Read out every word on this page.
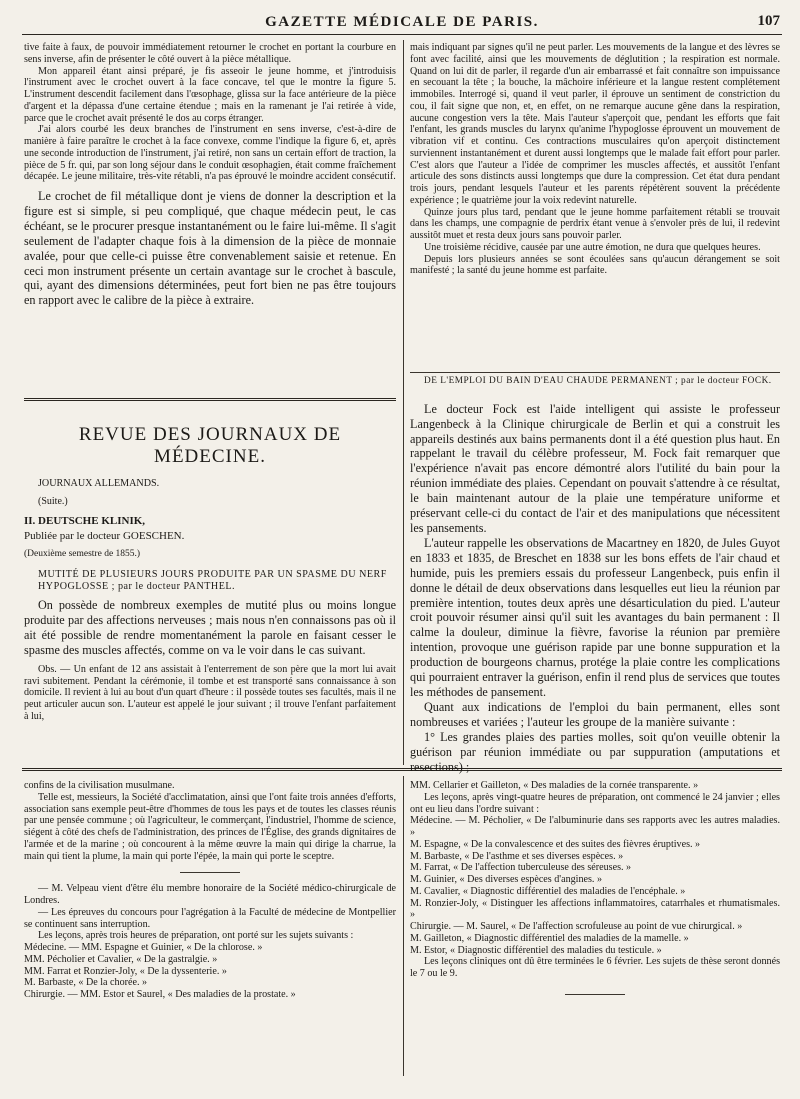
GAZETTE MÉDICALE DE PARIS.	107

tive faite à faux, de pouvoir immédiatement retourner le crochet en portant la courbure en sens inverse, afin de présenter le côté ouvert à la pièce métallique.

Mon appareil étant ainsi préparé, je fis asseoir le jeune homme, et j'introduisis l'instrument avec le crochet ouvert à la face concave, tel que le montre la figure 5. L'instrument descendit facilement dans l'œsophage, glissa sur la face antérieure de la pièce d'argent et la dépassa d'une certaine étendue ; mais en la ramenant je l'ai retirée à vide, parce que le crochet avait présenté le dos au corps étranger.

J'ai alors courbé les deux branches de l'instrument en sens inverse, c'est-à-dire de manière à faire paraître le crochet à la face convexe, comme l'indique la figure 6, et, après une seconde introduction de l'instrument, j'ai retiré, non sans un certain effort de traction, la pièce de 5 fr. qui, par son long séjour dans le conduit œsophagien, était comme fraîchement décapée. Le jeune militaire, très-vite rétabli, n'a pas éprouvé le moindre accident consécutif.

Le crochet de fil métallique dont je viens de donner la description et la figure est si simple, si peu compliqué, que chaque médecin peut, le cas échéant, se le procurer presque instantanément ou le faire lui-même. Il s'agit seulement de l'adapter chaque fois à la dimension de la pièce de monnaie avalée, pour que celle-ci puisse être convenablement saisie et retenue. En ceci mon instrument présente un certain avantage sur le crochet à bascule, qui, ayant des dimensions déterminées, peut fort bien ne pas être toujours en rapport avec le calibre de la pièce à extraire.

REVUE DES JOURNAUX DE MÉDECINE.

JOURNAUX ALLEMANDS.

(Suite.)

II. DEUTSCHE KLINIK,

Publiée par le docteur GOESCHEN.

(Deuxième semestre de 1855.)

MUTITÉ DE PLUSIEURS JOURS PRODUITE PAR UN SPASME DU NERF

HYPOGLOSSE ; par le docteur PANTHEL.

On possède de nombreux exemples de mutité plus ou moins longue produite par des affections nerveuses ; mais nous n'en connaissons pas où il ait été possible de rendre momentanément la parole en faisant cesser le spasme des muscles affectés, comme on va le voir dans le cas suivant.

Obs. — Un enfant de 12 ans assistait à l'enterrement de son père que la mort lui avait ravi subitement. Pendant la cérémonie, il tombe et est transporté sans connaissance à son domicile. Il revient à lui au bout d'un quart d'heure : il possède toutes ses facultés, mais il ne peut articuler aucun son. L'auteur est appelé le jour suivant ; il trouve l'enfant parfaitement à lui,

mais indiquant par signes qu'il ne peut parler. Les mouvements de la langue et des lèvres se font avec facilité, ainsi que les mouvements de déglutition ; la respiration est normale. Quand on lui dit de parler, il regarde d'un air embarrassé et fait connaître son impuissance en secouant la tête ; la bouche, la mâchoire inférieure et la langue restent complétement immobiles. Interrogé si, quand il veut parler, il éprouve un sentiment de constriction du cou, il fait signe que non, et, en effet, on ne remarque aucune gêne dans la respiration, aucune congestion vers la tête. Mais l'auteur s'aperçoit que, pendant les efforts que fait l'enfant, les grands muscles du larynx qu'anime l'hypoglosse éprouvent un mouvement de vibration vif et continu. Ces contractions musculaires qu'on aperçoit distinctement surviennent instantanément et durent aussi longtemps que le malade fait effort pour parler. C'est alors que l'auteur a l'idée de comprimer les muscles affectés, et aussitôt l'enfant articule des sons distincts aussi longtemps que dure la compression. Cet état dura pendant trois jours, pendant lesquels l'auteur et les parents répétèrent souvent la précédente expérience ; le quatrième jour la voix redevint naturelle.

Quinze jours plus tard, pendant que le jeune homme parfaitement rétabli se trouvait dans les champs, une compagnie de perdrix étant venue à s'envoler près de lui, il redevint aussitôt muet et resta deux jours sans pouvoir parler.

Une troisième récidive, causée par une autre émotion, ne dura que quelques heures.

Depuis lors plusieurs années se sont écoulées sans qu'aucun dérangement se soit manifesté ; la santé du jeune homme est parfaite.

DE L'EMPLOI DU BAIN D'EAU CHAUDE PERMANENT ; par le docteur FOCK.

Le docteur Fock est l'aide intelligent qui assiste le professeur Langenbeck à la Clinique chirurgicale de Berlin et qui a construit les appareils destinés aux bains permanents dont il a été question plus haut. En rappelant le travail du célèbre professeur, M. Fock fait remarquer que l'expérience n'avait pas encore démontré alors l'utilité du bain pour la réunion immédiate des plaies. Cependant on pouvait s'attendre à ce résultat, le bain maintenant autour de la plaie une température uniforme et préservant celle-ci du contact de l'air et des manipulations que nécessitent les pansements.

L'auteur rappelle les observations de Macartney en 1820, de Jules Guyot en 1833 et 1835, de Breschet en 1838 sur les bons effets de l'air chaud et humide, puis les premiers essais du professeur Langenbeck, puis enfin il donne le détail de deux observations dans lesquelles eut lieu la réunion par première intention, toutes deux après une désarticulation du pied. L'auteur croit pouvoir résumer ainsi qu'il suit les avantages du bain permanent : Il calme la douleur, diminue la fièvre, favorise la réunion par première intention, provoque une guérison rapide par une bonne suppuration et la production de bourgeons charnus, protége la plaie contre les complications qui pourraient entraver la guérison, enfin il rend plus de services que toutes les méthodes de pansement.

Quant aux indications de l'emploi du bain permanent, elles sont nombreuses et variées ; l'auteur les groupe de la manière suivante :

1° Les grandes plaies des parties molles, soit qu'on veuille obtenir la guérison par réunion immédiate ou par suppuration (amputations et resections) ;

confins de la civilisation musulmane.

Telle est, messieurs, la Société d'acclimatation, ainsi que l'ont faite trois années d'efforts, association sans exemple peut-être d'hommes de tous les pays et de toutes les classes réunis par une pensée commune ; où l'agriculteur, le commerçant, l'industriel, l'homme de science, siégent à côté des chefs de l'administration, des princes de l'Église, des grands dignitaires de l'armée et de la marine ; où concourent à la même œuvre la main qui dirige la charrue, la main qui tient la plume, la main qui porte l'épée, la main qui porte le sceptre.

— M. Velpeau vient d'être élu membre honoraire de la Société médico-chirurgicale de Londres.

— Les épreuves du concours pour l'agrégation à la Faculté de médecine de Montpellier se continuent sans interruption.

Les leçons, après trois heures de préparation, ont porté sur les sujets suivants :

Médecine. — MM. Espagne et Guinier, « De la chlorose. »

MM. Pécholier et Cavalier, « De la gastralgie. »

MM. Farrat et Ronzier-Joly, « De la dyssenterie. »

M. Barbaste, « De la chorée. »

Chirurgie. — MM. Estor et Saurel, « Des maladies de la prostate. »

MM. Cellarier et Gailleton, « Des maladies de la cornée transparente. »

Les leçons, après vingt-quatre heures de préparation, ont commencé le 24 janvier ; elles ont eu lieu dans l'ordre suivant :

Médecine. — M. Pécholier, « De l'albuminurie dans ses rapports avec les autres maladies. »

M. Espagne, « De la convalescence et des suites des fièvres éruptives. »

M. Barbaste, « De l'asthme et ses diverses espèces. »

M. Farrat, « De l'affection tuberculeuse des séreuses. »

M. Guinier, « Des diverses espèces d'angines. »

M. Cavalier, « Diagnostic différentiel des maladies de l'encéphale. »

M. Ronzier-Joly, « Distinguer les affections inflammatoires, catarrhales et rhumatismales. »

Chirurgie. — M. Saurel, « De l'affection scrofuleuse au point de vue chirurgical. »

M. Gailleton, « Diagnostic différentiel des maladies de la mamelle. »

M. Estor, « Diagnostic différentiel des maladies du testicule. »

Les leçons cliniques ont dû être terminées le 6 février. Les sujets de thèse seront donnés le 7 ou le 9.
